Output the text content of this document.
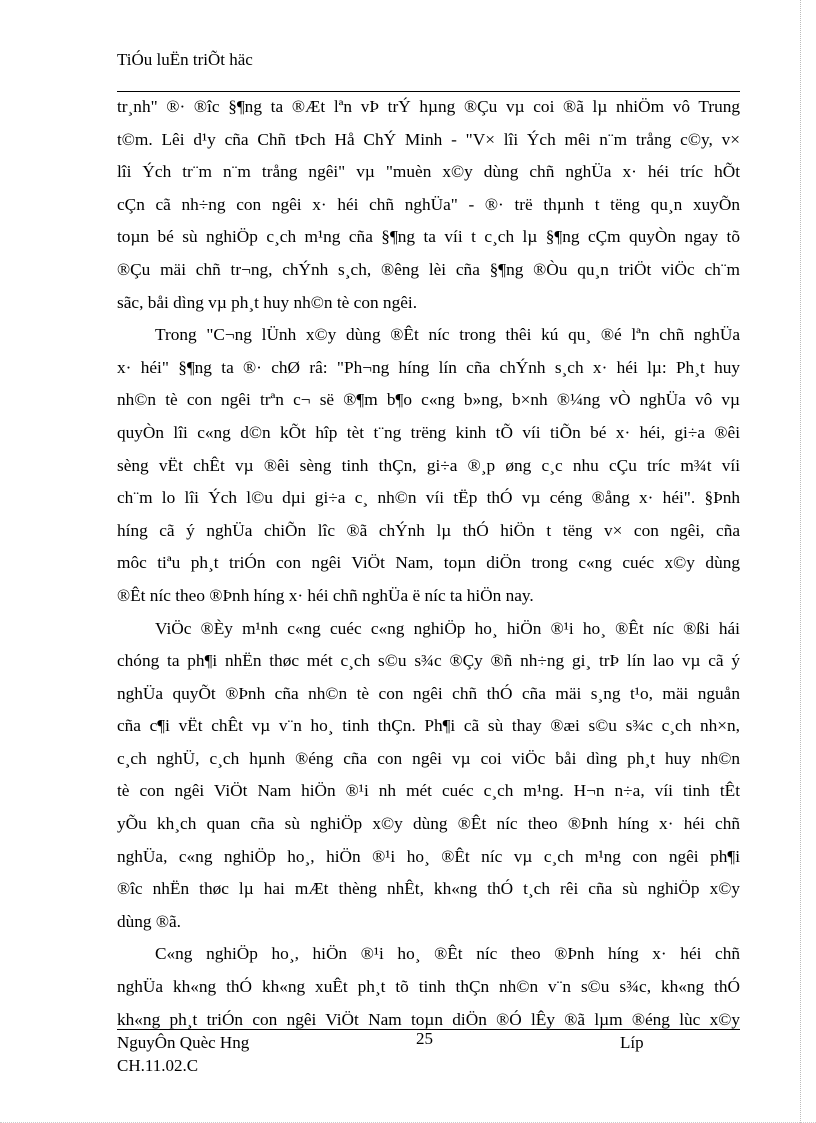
TiÓu luËn triÕt häc

tr¸nh" ®· ®îc §¶ng ta ®Æt lªn vÞ trÝ hµng ®Çu vµ coi ®ã lµ nhiÖm vô Trung
t©m. Lêi d¹y cña Chñ tÞch Hå ChÝ Minh - "V× lîi Ých mêi n¨m trång c©y, v×
lîi Ých tr¨m n¨m trång ngêi" vµ "muèn x©y dùng chñ nghÜa x· héi tríc hÕt
cÇn cã nh÷ng con ngêi x· héi chñ nghÜa" - ®· trë thµnh t tëng qu¸n xuyÕn
toµn bé sù nghiÖp c¸ch m¹ng cña §¶ng ta víi t c¸ch lµ §¶ng cÇm quyÒn ngay tõ
®Çu mäi chñ tr¬ng, chÝnh s¸ch, ®êng lèi cña §¶ng ®Òu qu¸n triÖt viÖc ch¨m
sãc, båi dìng vµ ph¸t huy nh©n tè con ngêi.

Trong "C¬ng lÜnh x©y dùng ®Êt níc trong thêi kú qu¸ ®é lªn chñ nghÜa
x· héi" §¶ng ta ®· chØ râ: "Ph¬ng híng lín cña chÝnh s¸ch x· héi lµ: Ph¸t huy
nh©n tè con ngêi trªn c¬ së ®¶m b¶o c«ng b»ng, b×nh ®¼ng vÒ nghÜa vô vµ
quyÒn lîi c«ng d©n kÕt hîp tèt t¨ng trëng kinh tÕ víi tiÕn bé x· héi, gi÷a ®êi
sèng vËt chÊt vµ ®êi sèng tinh thÇn, gi÷a ®¸p øng c¸c nhu cÇu tríc m¾t víi
ch¨m lo lîi Ých l©u dµi gi÷a c¸ nh©n víi tËp thÓ vµ céng ®ång x· héi". §Þnh
híng cã ý nghÜa chiÕn lîc ®ã chÝnh lµ thÓ hiÖn t tëng v× con ngêi, cña
môc tiªu ph¸t triÓn con ngêi ViÖt Nam, toµn diÖn trong c«ng cuéc x©y dùng
®Êt níc theo ®Þnh híng x· héi chñ nghÜa ë níc ta hiÖn nay.

ViÖc ®Èy m¹nh c«ng cuéc c«ng nghiÖp ho¸ hiÖn ®¹i ho¸ ®Êt níc ®ßi hái
chóng ta ph¶i nhËn thøc mét c¸ch s©u s¾c ®Çy ®ñ nh÷ng gi¸ trÞ lín lao vµ cã ý
nghÜa quyÕt ®Þnh cña nh©n tè con ngêi chñ thÓ cña mäi s¸ng t¹o, mäi nguån
cña c¶i vËt chÊt vµ v¨n ho¸ tinh thÇn. Ph¶i cã sù thay ®æi s©u s¾c c¸ch nh×n,
c¸ch nghÜ, c¸ch hµnh ®éng cña con ngêi vµ coi viÖc båi dìng ph¸t huy nh©n
tè con ngêi ViÖt Nam hiÖn ®¹i nh mét cuéc c¸ch m¹ng. H¬n n÷a, víi tinh tÊt
yÕu kh¸ch quan cña sù nghiÖp x©y dùng ®Êt níc theo ®Þnh híng x· héi chñ
nghÜa, c«ng nghiÖp ho¸, hiÖn ®¹i ho¸ ®Êt níc vµ c¸ch m¹ng con ngêi ph¶i
®îc nhËn thøc lµ hai mÆt thèng nhÊt, kh«ng thÓ t¸ch rêi cña sù nghiÖp x©y
dùng ®ã.

C«ng nghiÖp ho¸, hiÖn ®¹i ho¸ ®Êt níc theo ®Þnh híng x· héi chñ
nghÜa kh«ng thÓ kh«ng xuÊt ph¸t tõ tinh thÇn nh©n v¨n s©u s¾c, kh«ng thÓ
kh«ng ph¸t triÓn con ngêi ViÖt Nam toµn diÖn ®Ó lÊy ®ã lµm ®éng lùc x©y

NguyÔn Quèc Hng
CH.11.02.C
25	Líp
